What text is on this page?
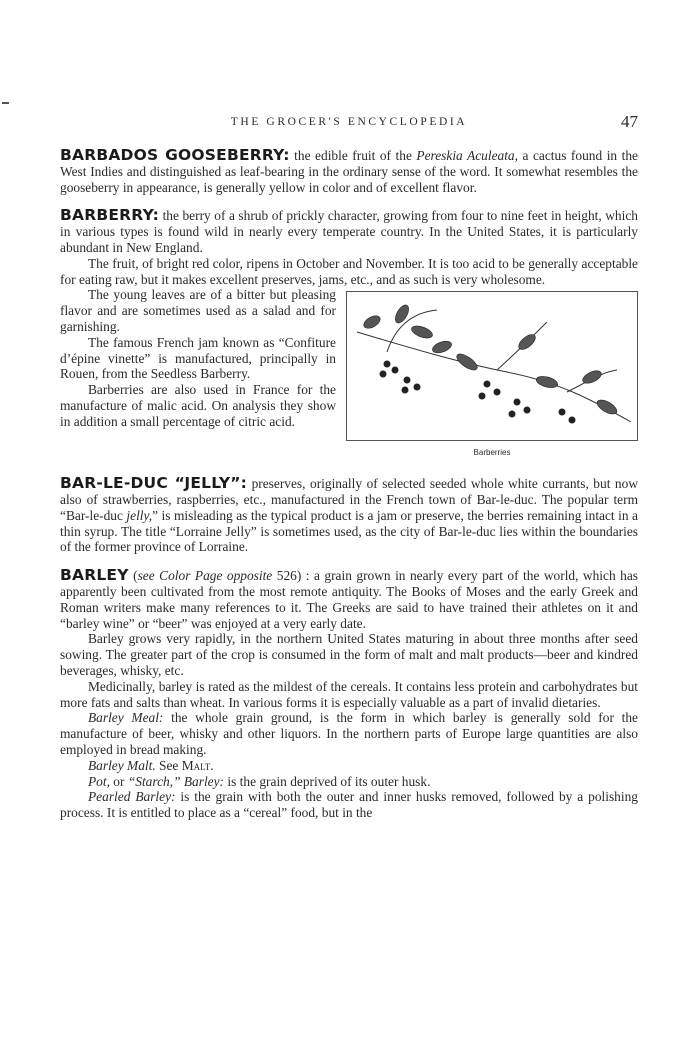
THE GROCER'S ENCYCLOPEDIA	47

BARBADOS GOOSEBERRY: the edible fruit of the Pereskia Aculeata, a cactus found in the West Indies and distinguished as leaf-bearing in the ordinary sense of the word. It somewhat resembles the gooseberry in appearance, is generally yellow in color and of excellent flavor.

BARBERRY: the berry of a shrub of prickly character, growing from four to nine feet in height, which in various types is found wild in nearly every temperate country. In the United States, it is particularly abundant in New England.

The fruit, of bright red color, ripens in October and November. It is too acid to be generally acceptable for eating raw, but it makes excellent preserves, jams, etc., and as such is very wholesome.

Barberries

The young leaves are of a bitter but pleasing flavor and are sometimes used as a salad and for garnishing.

The famous French jam known as “Confiture d’épine vinette” is manufactured, principally in Rouen, from the Seedless Barberry.

Barberries are also used in France for the manufacture of malic acid. On analysis they show in addition a small percentage of citric acid.

BAR-LE-DUC “JELLY”: preserves, originally of selected seeded whole white currants, but now also of strawberries, raspberries, etc., manufactured in the French town of Bar-le-duc. The popular term “Bar-le-duc jelly,” is misleading as the typical product is a jam or preserve, the berries remaining intact in a thin syrup. The title “Lorraine Jelly” is sometimes used, as the city of Bar-le-duc lies within the boundaries of the former province of Lorraine.

BARLEY (see Color Page opposite 526) : a grain grown in nearly every part of the world, which has apparently been cultivated from the most remote antiquity. The Books of Moses and the early Greek and Roman writers make many references to it. The Greeks are said to have trained their athletes on it and “barley wine” or “beer” was enjoyed at a very early date.

Barley grows very rapidly, in the northern United States maturing in about three months after seed sowing. The greater part of the crop is consumed in the form of malt and malt products—beer and kindred beverages, whisky, etc.

Medicinally, barley is rated as the mildest of the cereals. It contains less protein and carbohydrates but more fats and salts than wheat. In various forms it is especially valuable as a part of invalid dietaries.

Barley Meal: the whole grain ground, is the form in which barley is generally sold for the manufacture of beer, whisky and other liquors. In the northern parts of Europe large quantities are also employed in bread making.

Barley Malt. See Malt.

Pot, or “Starch,” Barley: is the grain deprived of its outer husk.

Pearled Barley: is the grain with both the outer and inner husks removed, followed by a polishing process. It is entitled to place as a “cereal” food, but in the
